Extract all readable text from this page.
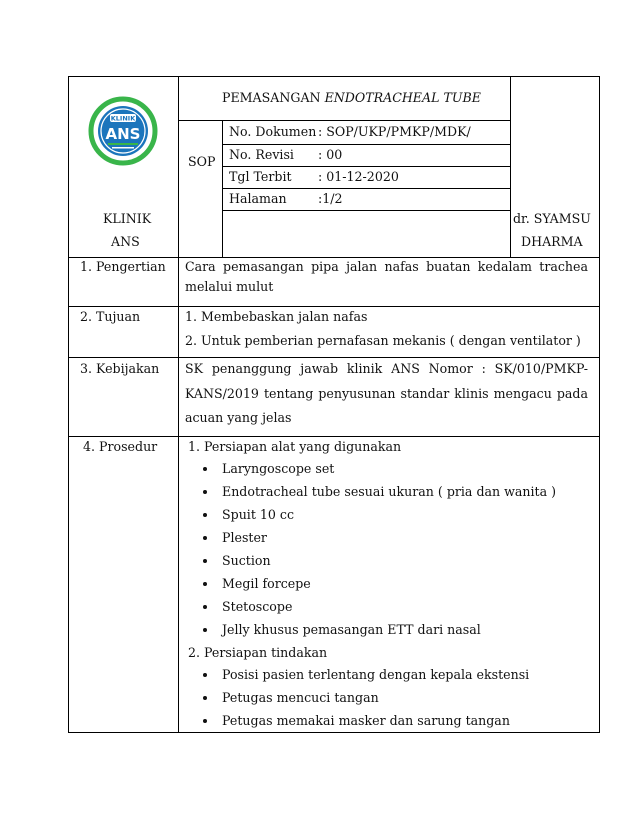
KLINIK
ANS
PEMASANGAN ENDOTRACHEAL TUBE
SOP
No. Dokumen : SOP/UKP/PMKP/MDK/
No. Revisi : 00
Tgl Terbit : 01-12-2020
Halaman :1/2
KLINIK
ANS
dr. SYAMSU
DHARMA
1. Pengertian Cara pemasangan pipa jalan nafas buatan kedalam trachea
melalui mulut
2. Tujuan	1. Membebaskan jalan nafas
2. Untuk pemberian pernafasan mekanis ( dengan ventilator )
3. Kebijakan SK penanggung jawab klinik ANS Nomor : SK/010/PMKP-
KANS/2019 tentang penyusunan standar klinis mengacu pada
acuan yang jelas
4. Prosedur 1. Persiapan alat yang digunakan
Laryngoscope set
Endotracheal tube sesuai ukuran ( pria dan wanita )
Spuit 10 cc
Plester
Suction
Megil forcepe
Stetoscope
Jelly khusus pemasangan ETT dari nasal
2. Persiapan tindakan
Posisi pasien terlentang dengan kepala ekstensi
Petugas mencuci tangan
Petugas memakai masker dan sarung tangan
